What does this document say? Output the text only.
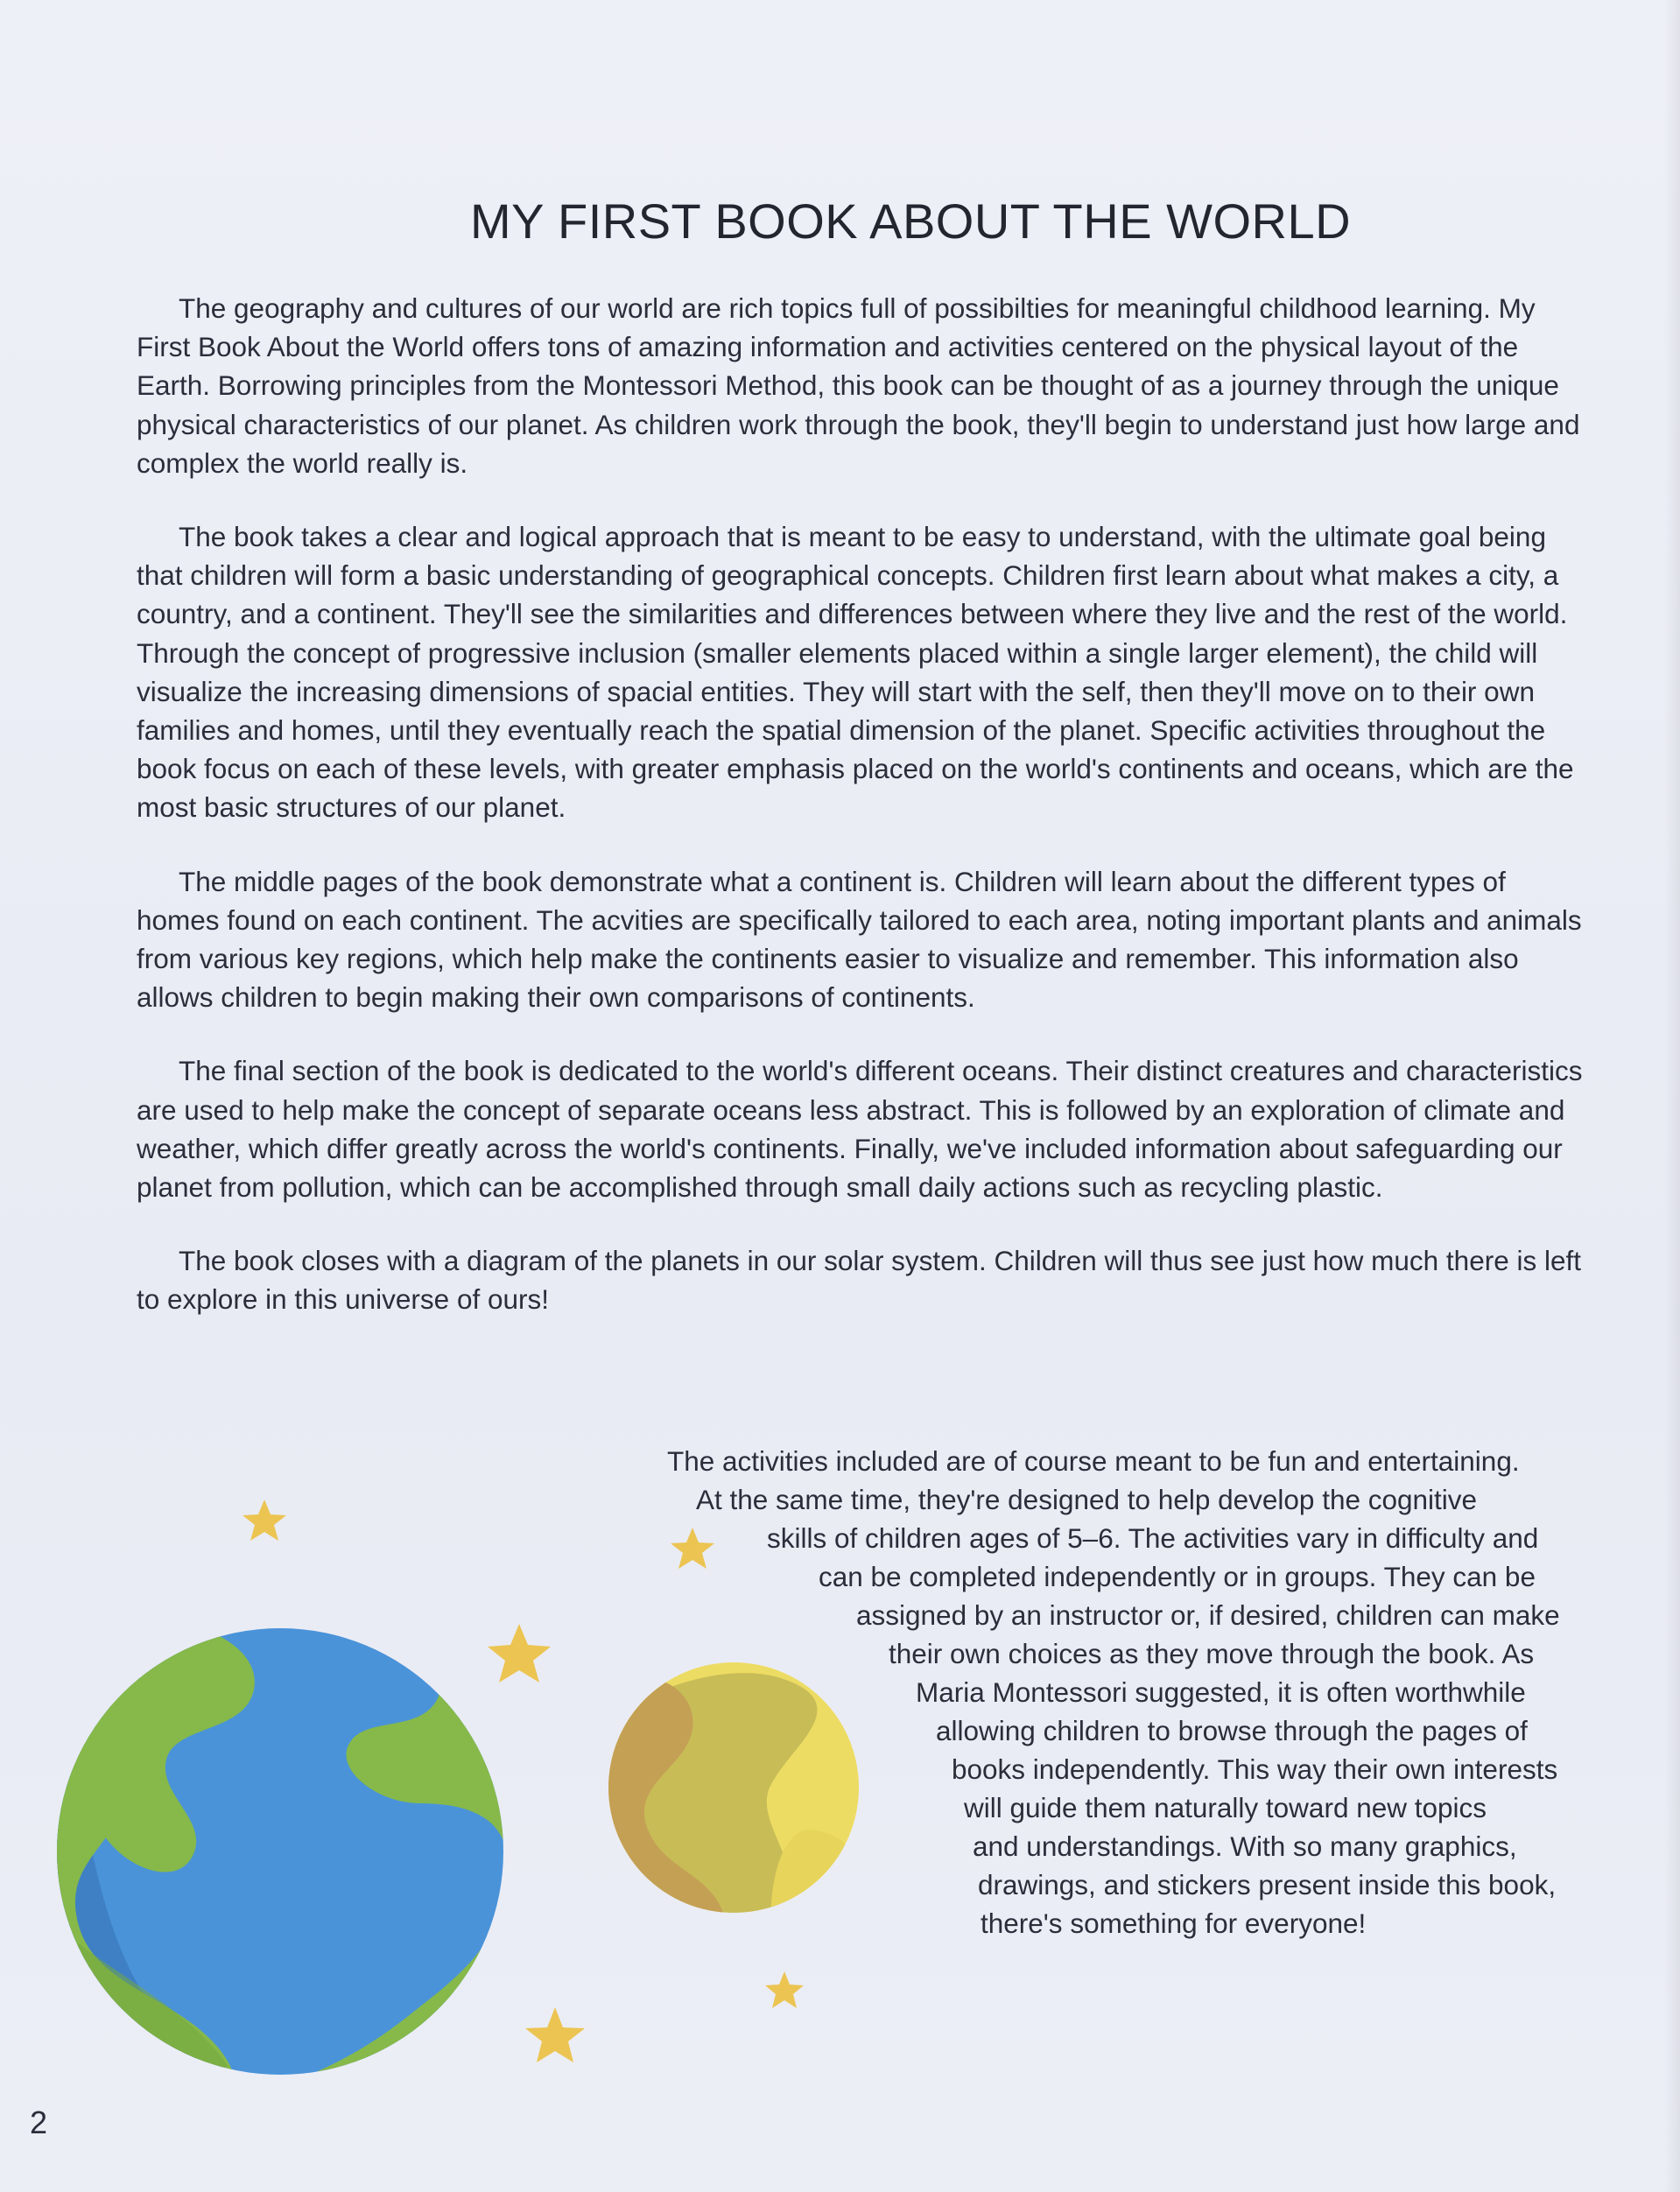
MY FIRST BOOK ABOUT THE WORLD

The geography and cultures of our world are rich topics full of possibilties for meaningful childhood learning. My First Book About the World offers tons of amazing information and activities centered on the physical layout of the Earth. Borrowing principles from the Montessori Method, this book can be thought of as a journey through the unique physical characteristics of our planet. As children work through the book, they'll begin to understand just how large and complex the world really is.

The book takes a clear and logical approach that is meant to be easy to understand, with the ultimate goal being that children will form a basic understanding of geographical concepts. Children first learn about what makes a city, a country, and a continent. They'll see the similarities and differences between where they live and the rest of the world. Through the concept of progressive inclusion (smaller elements placed within a single larger element), the child will visualize the increasing dimensions of spacial entities. They will start with the self, then they'll move on to their own families and homes, until they eventually reach the spatial dimension of the planet. Specific activities throughout the book focus on each of these levels, with greater emphasis placed on the world's continents and oceans, which are the most basic structures of our planet.

The middle pages of the book demonstrate what a continent is. Children will learn about the different types of homes found on each continent. The acvities are specifically tailored to each area, noting important plants and animals from various key regions, which help make the continents easier to visualize and remember. This information also allows children to begin making their own comparisons of continents.

The final section of the book is dedicated to the world's different oceans. Their distinct creatures and characteristics are used to help make the concept of separate oceans less abstract. This is followed by an exploration of climate and weather, which differ greatly across the world's continents. Finally, we've included information about safeguarding our planet from pollution, which can be accomplished through small daily actions such as recycling plastic.

The book closes with a diagram of the planets in our solar system. Children will thus see just how much there is left to explore in this universe of ours!

The activities included are of course meant to be fun and entertaining.
At the same time, they're designed to help develop the cognitive
skills of children ages of 5–6. The activities vary in difficulty and
can be completed independently or in groups. They can be
assigned by an instructor or, if desired, children can make
their own choices as they move through the book. As
Maria Montessori suggested, it is often worthwhile
allowing children to browse through the pages of
books independently. This way their own interests
will guide them naturally toward new topics
and understandings. With so many graphics,
drawings, and stickers present inside this book,
there's something for everyone!
2
